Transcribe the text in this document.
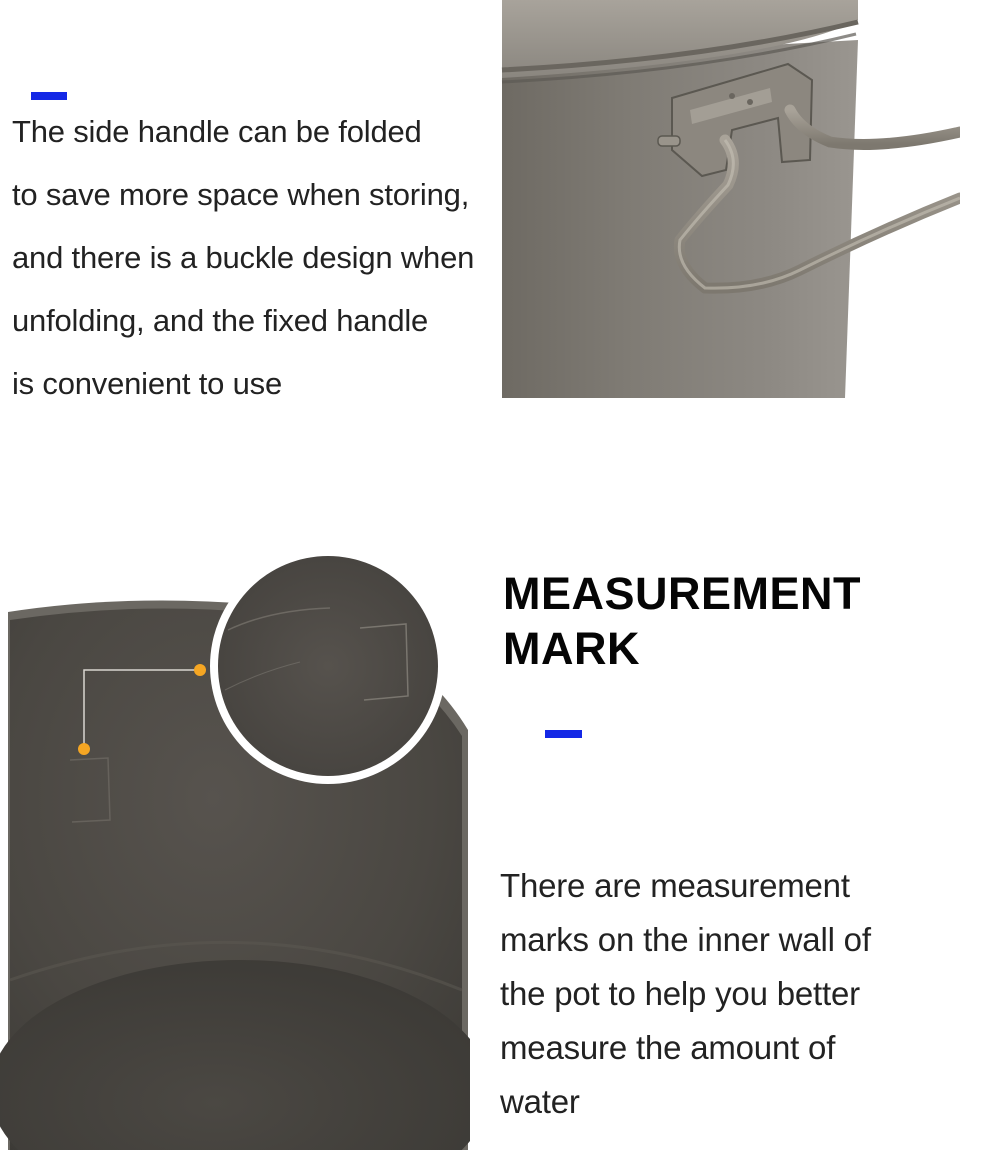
The side handle can be folded
to save more space when storing,
and there is a buckle design when
unfolding, and the fixed handle
is convenient to use
MEASUREMENT
MARK
There are measurement
marks on the inner wall of
the pot to help you better
measure the amount of
water
